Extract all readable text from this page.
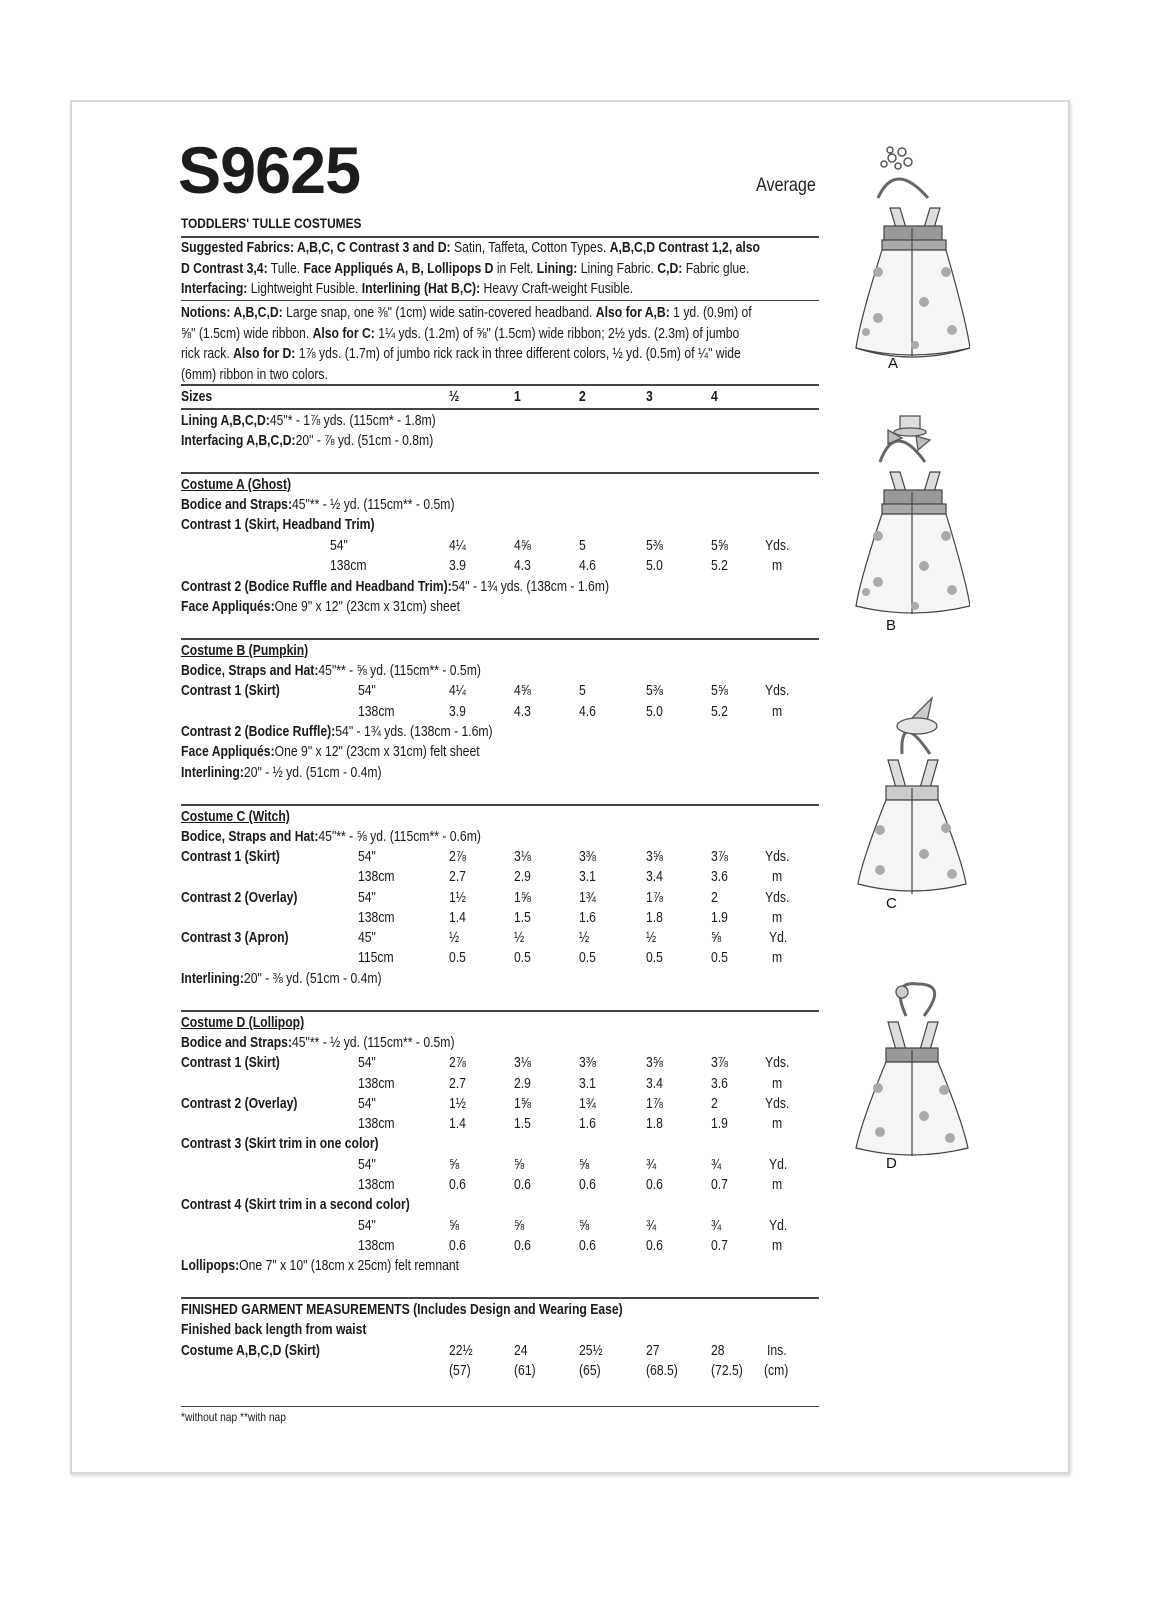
S9625	Average
TODDLERS' TULLE COSTUMES
Suggested Fabrics: A,B,C, C Contrast 3 and D: Satin, Taffeta, Cotton Types. A,B,C,D Contrast 1,2, also
D Contrast 3,4: Tulle. Face Appliqués A, B, Lollipops D in Felt. Lining: Lining Fabric. C,D: Fabric glue.
Interfacing: Lightweight Fusible. Interlining (Hat B,C): Heavy Craft-weight Fusible.
Notions: A,B,C,D: Large snap, one ⅜" (1cm) wide satin-covered headband. Also for A,B: 1 yd. (0.9m) of
⅝" (1.5cm) wide ribbon. Also for C: 1¼ yds. (1.2m) of ⅝" (1.5cm) wide ribbon; 2½ yds. (2.3m) of jumbo
rick rack. Also for D: 1⅞ yds. (1.7m) of jumbo rick rack in three different colors, ½ yd. (0.5m) of ¼" wide
(6mm) ribbon in two colors.
Sizes	½	1	2	3	4
Lining A,B,C,D:45"* - 1⅞ yds. (115cm* - 1.8m)
Interfacing A,B,C,D:20" - ⅞ yd. (51cm - 0.8m)
Costume A (Ghost)
Bodice and Straps:45"** - ½ yd. (115cm** - 0.5m)
Contrast 1 (Skirt, Headband Trim)
54"	4¼	4⅝	5	5⅜	5⅝	Yds.
138cm	3.9	4.3	4.6	5.0	5.2	m
Contrast 2 (Bodice Ruffle and Headband Trim):54" - 1¾ yds. (138cm - 1.6m)
Face Appliqués:One 9" x 12" (23cm x 31cm) sheet
Costume B (Pumpkin)
Bodice, Straps and Hat:45"** - ⅝ yd. (115cm** - 0.5m)
Contrast 1 (Skirt)	54"	4¼	4⅝	5	5⅜	5⅝	Yds.
138cm	3.9	4.3	4.6	5.0	5.2	m
Contrast 2 (Bodice Ruffle):54" - 1¾ yds. (138cm - 1.6m)
Face Appliqués:One 9" x 12" (23cm x 31cm) felt sheet
Interlining:20" - ½ yd. (51cm - 0.4m)
Costume C (Witch)
Bodice, Straps and Hat:45"** - ⅝ yd. (115cm** - 0.6m)
Contrast 1 (Skirt)	54"	2⅞	3⅛	3⅜	3⅝	3⅞	Yds.
138cm	2.7	2.9	3.1	3.4	3.6	m
Contrast 2 (Overlay)	54"	1½	1⅝	1¾	1⅞	2	Yds.
138cm	1.4	1.5	1.6	1.8	1.9	m
Contrast 3 (Apron)	45"	½	½	½	½	⅝	Yd.
115cm	0.5	0.5	0.5	0.5	0.5	m
Interlining:20" - ⅜ yd. (51cm - 0.4m)
Costume D (Lollipop)
Bodice and Straps:45"** - ½ yd. (115cm** - 0.5m)
Contrast 1 (Skirt)	54"	2⅞	3⅛	3⅜	3⅝	3⅞	Yds.
138cm	2.7	2.9	3.1	3.4	3.6	m
Contrast 2 (Overlay)	54"	1½	1⅝	1¾	1⅞	2	Yds.
138cm	1.4	1.5	1.6	1.8	1.9	m
Contrast 3 (Skirt trim in one color)
54"	⅝	⅝	⅝	¾	¾	Yd.
138cm	0.6	0.6	0.6	0.6	0.7	m
Contrast 4 (Skirt trim in a second color)
54"	⅝	⅝	⅝	¾	¾	Yd.
138cm	0.6	0.6	0.6	0.6	0.7	m
Lollipops:One 7" x 10" (18cm x 25cm) felt remnant
FINISHED GARMENT MEASUREMENTS (Includes Design and Wearing Ease)
Finished back length from waist
Costume A,B,C,D (Skirt)	22½	24	25½	27	28	Ins.
(57)	(61)	(65)	(68.5) (72.5) (cm)
*without nap **with nap
A
B
C
D
